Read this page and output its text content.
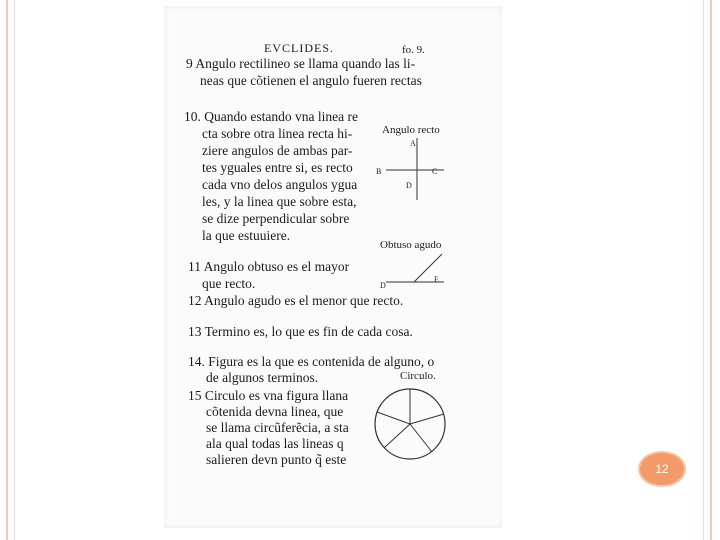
EVCLIDES.	fo. 9.
9 Angulo rectilineo se llama quando las li-
neas que cõtienen el angulo fueren rectas
10. Quando estando vna linea re
cta sobre otra linea recta hi-
ziere angulos de ambas par-
tes yguales entre si, es recto
cada vno delos angulos ygua
les, y la linea que sobre esta,
se dize perpendicular sobre
la que estuuiere.
11 Angulo obtuso es el mayor
que recto.
12 Angulo agudo es el menor que recto.
13 Termino es, lo que es fin de cada cosa.
14. Figura es la que es contenida de alguno, o
de algunos terminos.
15 Circulo es vna figura llana
cõtenida devna linea, que
se llama circũferẽcia, a sta
ala qual todas las lineas q
salieren devn punto q̃ este
Angulo recto
A
B	C
D
Obtuso agudo
D
E
Circulo.
12
